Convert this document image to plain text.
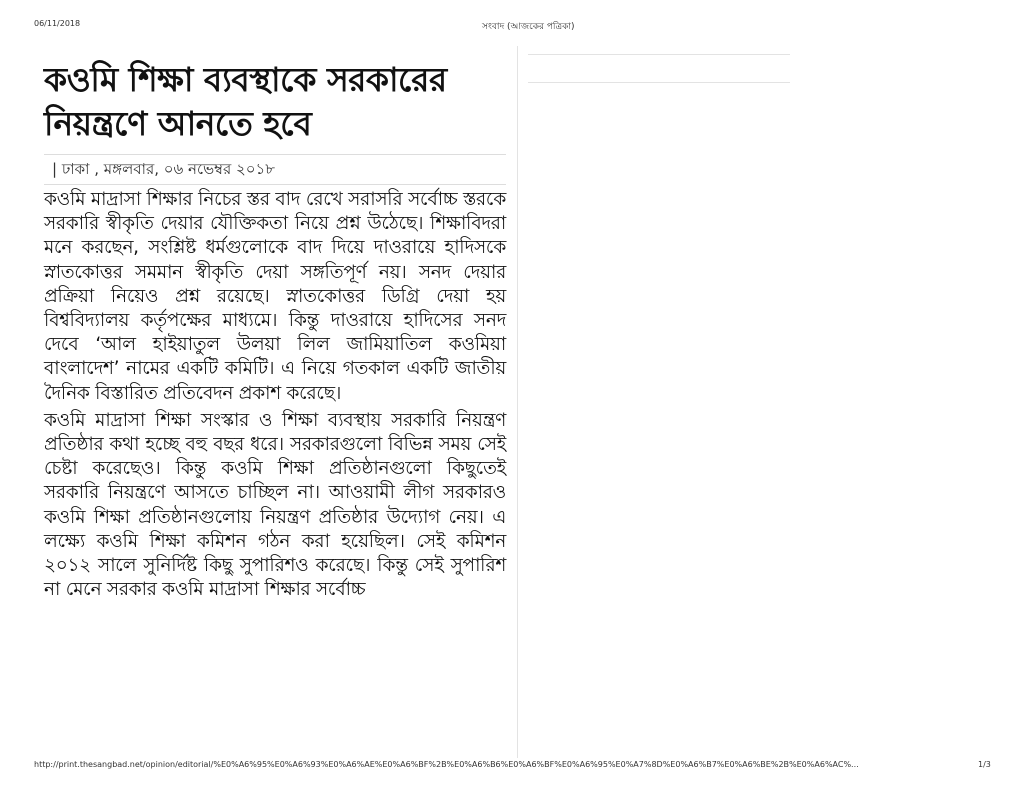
06/11/2018	সংবাদ (আজকের পত্রিকা)
কওমি শিক্ষা ব্যবস্থাকে সরকারের নিয়ন্ত্রণে আনতে হবে
| ঢাকা , মঙ্গলবার, ০৬ নভেম্বর ২০১৮

কওমি মাদ্রাসা শিক্ষার নিচের স্তর বাদ রেখে সরাসরি সর্বোচ্চ স্তরকে সরকারি স্বীকৃতি দেয়ার যৌক্তিকতা নিয়ে প্রশ্ন উঠেছে। শিক্ষাবিদরা মনে করছেন, সংশ্লিষ্ট ধর্মগুলোকে বাদ দিয়ে দাওরায়ে হাদিসকে স্নাতকোত্তর সমমান স্বীকৃতি দেয়া সঙ্গতিপূর্ণ নয়। সনদ দেয়ার প্রক্রিয়া নিয়েও প্রশ্ন রয়েছে। স্নাতকোত্তর ডিগ্রি দেয়া হয় বিশ্ববিদ্যালয় কর্তৃপক্ষের মাধ্যমে। কিন্তু দাওরায়ে হাদিসের সনদ দেবে ‘আল হাইয়াতুল উলয়া লিল জামিয়াতিল কওমিয়া বাংলাদেশ’ নামের একটি কমিটি। এ নিয়ে গতকাল একটি জাতীয় দৈনিক বিস্তারিত প্রতিবেদন প্রকাশ করেছে।

কওমি মাদ্রাসা শিক্ষা সংস্কার ও শিক্ষা ব্যবস্থায় সরকারি নিয়ন্ত্রণ প্রতিষ্ঠার কথা হচ্ছে বহু বছর ধরে। সরকারগুলো বিভিন্ন সময় সেই চেষ্টা করেছেও। কিন্তু কওমি শিক্ষা প্রতিষ্ঠানগুলো কিছুতেই সরকারি নিয়ন্ত্রণে আসতে চাচ্ছিল না। আওয়ামী লীগ সরকারও কওমি শিক্ষা প্রতিষ্ঠানগুলোয় নিয়ন্ত্রণ প্রতিষ্ঠার উদ্যোগ নেয়। এ লক্ষ্যে কওমি শিক্ষা কমিশন গঠন করা হয়েছিল। সেই কমিশন ২০১২ সালে সুনির্দিষ্ট কিছু সুপারিশও করেছে। কিন্তু সেই সুপারিশ না মেনে সরকার কওমি মাদ্রাসা শিক্ষার সর্বোচ্চ

http://print.thesangbad.net/opinion/editorial/%E0%A6%95%E0%A6%93%E0%A6%AE%E0%A6%BF%2B%E0%A6%B6%E0%A6%BF%E0%A6%95%E0%A7%8D%E0%A6%B7%E0%A6%BE%2B%E0%A6%AC%...	1/3
